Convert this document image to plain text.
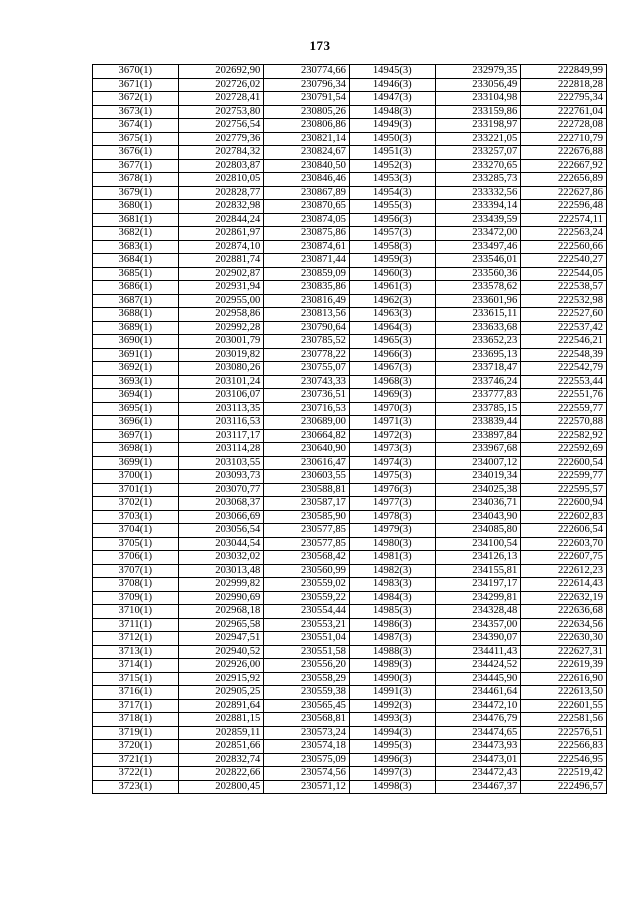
173
3670(1)	202692,90	230774,66	14945(3)	232979,35	222849,99
3671(1)	202726,02	230796,34	14946(3)	233056,49	222818,28
3672(1)	202728,41	230791,54	14947(3)	233104,98	222795,34
3673(1)	202753,80	230805,26	14948(3)	233159,86	222761,04
3674(1)	202756,54	230806,86	14949(3)	233198,97	222728,08
3675(1)	202779,36	230821,14	14950(3)	233221,05	222710,79
3676(1)	202784,32	230824,67	14951(3)	233257,07	222676,88
3677(1)	202803,87	230840,50	14952(3)	233270,65	222667,92
3678(1)	202810,05	230846,46	14953(3)	233285,73	222656,89
3679(1)	202828,77	230867,89	14954(3)	233332,56	222627,86
3680(1)	202832,98	230870,65	14955(3)	233394,14	222596,48
3681(1)	202844,24	230874,05	14956(3)	233439,59	222574,11
3682(1)	202861,97	230875,86	14957(3)	233472,00	222563,24
3683(1)	202874,10	230874,61	14958(3)	233497,46	222560,66
3684(1)	202881,74	230871,44	14959(3)	233546,01	222540,27
3685(1)	202902,87	230859,09	14960(3)	233560,36	222544,05
3686(1)	202931,94	230835,86	14961(3)	233578,62	222538,57
3687(1)	202955,00	230816,49	14962(3)	233601,96	222532,98
3688(1)	202958,86	230813,56	14963(3)	233615,11	222527,60
3689(1)	202992,28	230790,64	14964(3)	233633,68	222537,42
3690(1)	203001,79	230785,52	14965(3)	233652,23	222546,21
3691(1)	203019,82	230778,22	14966(3)	233695,13	222548,39
3692(1)	203080,26	230755,07	14967(3)	233718,47	222542,79
3693(1)	203101,24	230743,33	14968(3)	233746,24	222553,44
3694(1)	203106,07	230736,51	14969(3)	233777,83	222551,76
3695(1)	203113,35	230716,53	14970(3)	233785,15	222559,77
3696(1)	203116,53	230689,00	14971(3)	233839,44	222570,88
3697(1)	203117,17	230664,82	14972(3)	233897,84	222582,92
3698(1)	203114,28	230640,90	14973(3)	233967,68	222592,69
3699(1)	203103,55	230616,47	14974(3)	234007,12	222600,54
3700(1)	203093,73	230603,55	14975(3)	234019,34	222599,77
3701(1)	203070,77	230588,81	14976(3)	234025,38	222595,57
3702(1)	203068,37	230587,17	14977(3)	234036,71	222600,94
3703(1)	203066,69	230585,90	14978(3)	234043,90	222602,83
3704(1)	203056,54	230577,85	14979(3)	234085,80	222606,54
3705(1)	203044,54	230577,85	14980(3)	234100,54	222603,70
3706(1)	203032,02	230568,42	14981(3)	234126,13	222607,75
3707(1)	203013,48	230560,99	14982(3)	234155,81	222612,23
3708(1)	202999,82	230559,02	14983(3)	234197,17	222614,43
3709(1)	202990,69	230559,22	14984(3)	234299,81	222632,19
3710(1)	202968,18	230554,44	14985(3)	234328,48	222636,68
3711(1)	202965,58	230553,21	14986(3)	234357,00	222634,56
3712(1)	202947,51	230551,04	14987(3)	234390,07	222630,30
3713(1)	202940,52	230551,58	14988(3)	234411,43	222627,31
3714(1)	202926,00	230556,20	14989(3)	234424,52	222619,39
3715(1)	202915,92	230558,29	14990(3)	234445,90	222616,90
3716(1)	202905,25	230559,38	14991(3)	234461,64	222613,50
3717(1)	202891,64	230565,45	14992(3)	234472,10	222601,55
3718(1)	202881,15	230568,81	14993(3)	234476,79	222581,56
3719(1)	202859,11	230573,24	14994(3)	234474,65	222576,51
3720(1)	202851,66	230574,18	14995(3)	234473,93	222566,83
3721(1)	202832,74	230575,09	14996(3)	234473,01	222546,95
3722(1)	202822,66	230574,56	14997(3)	234472,43	222519,42
3723(1)	202800,45	230571,12	14998(3)	234467,37	222496,57
